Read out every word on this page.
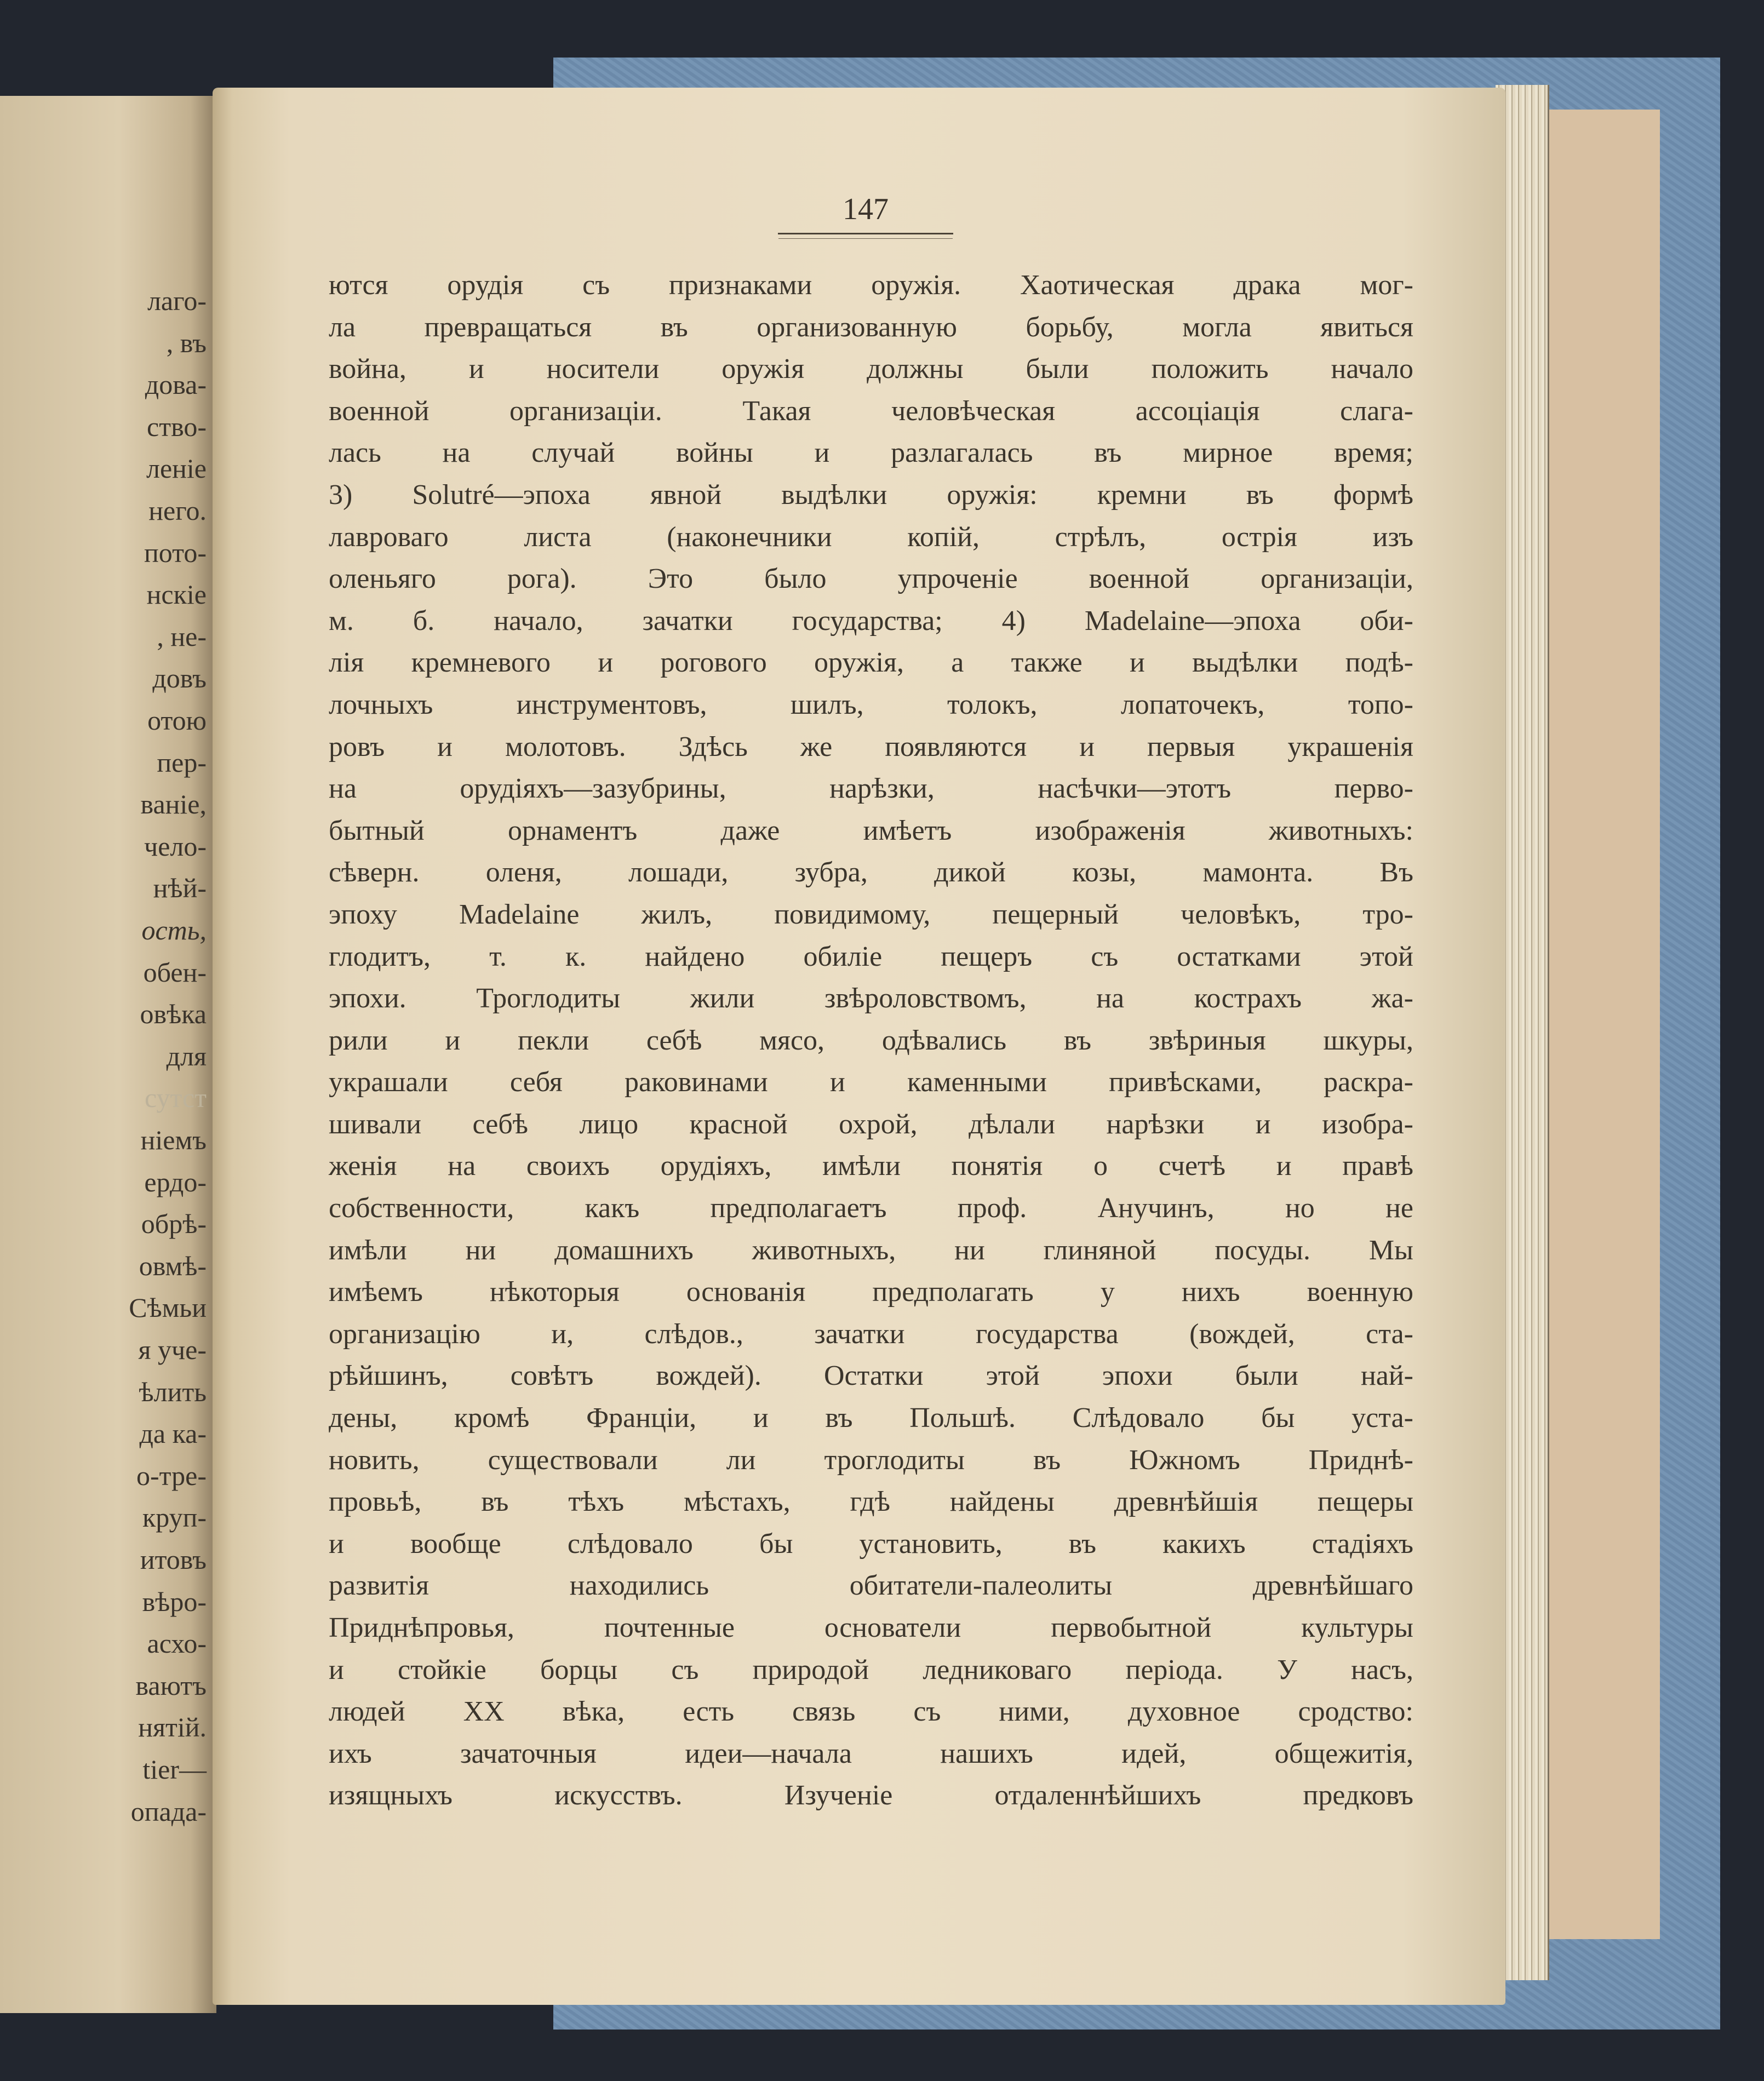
лаго-
, въ
дова-
ство-
леніе
него.
пото-
нскіе
, не-
довъ
отою
пер-
ваніе,
чело-
нѣй-
ость,
обен-
овѣка
для
сутст
ніемъ
ердо-
обрѣ-
овмѣ-
Сѣмьи
я уче-
ѣлить
да ка-
о-тре-
круп-
итовъ
вѣро-
асхо-
ваютъ
нятій.
tier—
опада-
147
ются орудія съ признаками оружія. Хаотическая драка мог-
ла превращаться въ организованную борьбу, могла явиться
война, и носители оружія должны были положить начало
военной организаціи. Такая человѣческая ассоціація слага-
лась на случай войны и разлагалась въ мирное время;
3) Solutré—эпоха явной выдѣлки оружія: кремни въ формѣ
лавроваго листа (наконечники копій, стрѣлъ, острія изъ
оленьяго рога). Это было упроченіе военной организаціи,
м. б. начало, зачатки государства; 4) Madelaine—эпоха оби-
лія кремневого и рогового оружія, а также и выдѣлки подѣ-
лочныхъ инструментовъ, шилъ, толокъ, лопаточекъ, топо-
ровъ и молотовъ. Здѣсь же появляются и первыя украшенія
на орудіяхъ—зазубрины, нарѣзки, насѣчки—этотъ перво-
бытный орнаментъ даже имѣетъ изображенія животныхъ:
сѣверн. оленя, лошади, зубра, дикой козы, мамонта. Въ
эпоху Madelaine жилъ, повидимому, пещерный человѣкъ, тро-
глодитъ, т. к. найдено обиліе пещеръ съ остатками этой
эпохи. Троглодиты жили звѣроловствомъ, на кострахъ жа-
рили и пекли себѣ мясо, одѣвались въ звѣриныя шкуры,
украшали себя раковинами и каменными привѣсками, раскра-
шивали себѣ лицо красной охрой, дѣлали нарѣзки и изобра-
женія на своихъ орудіяхъ, имѣли понятія о счетѣ и правѣ
собственности, какъ предполагаетъ проф. Анучинъ, но не
имѣли ни домашнихъ животныхъ, ни глиняной посуды. Мы
имѣемъ нѣкоторыя основанія предполагать у нихъ военную
организацію и, слѣдов., зачатки государства (вождей, ста-
рѣйшинъ, совѣтъ вождей). Остатки этой эпохи были най-
дены, кромѣ Франціи, и въ Польшѣ. Слѣдовало бы уста-
новить, существовали ли троглодиты въ Южномъ Приднѣ-
провьѣ, въ тѣхъ мѣстахъ, гдѣ найдены древнѣйшія пещеры
и вообще слѣдовало бы установить, въ какихъ стадіяхъ
развитія находились обитатели-палеолиты древнѣйшаго
Приднѣпровья, почтенные основатели первобытной культуры
и стойкіе борцы съ природой ледниковаго періода. У насъ,
людей XX вѣка, есть связь съ ними, духовное сродство:
ихъ зачаточныя идеи—начала нашихъ идей, общежитія,
изящныхъ искусствъ. Изученіе отдаленнѣйшихъ предковъ
